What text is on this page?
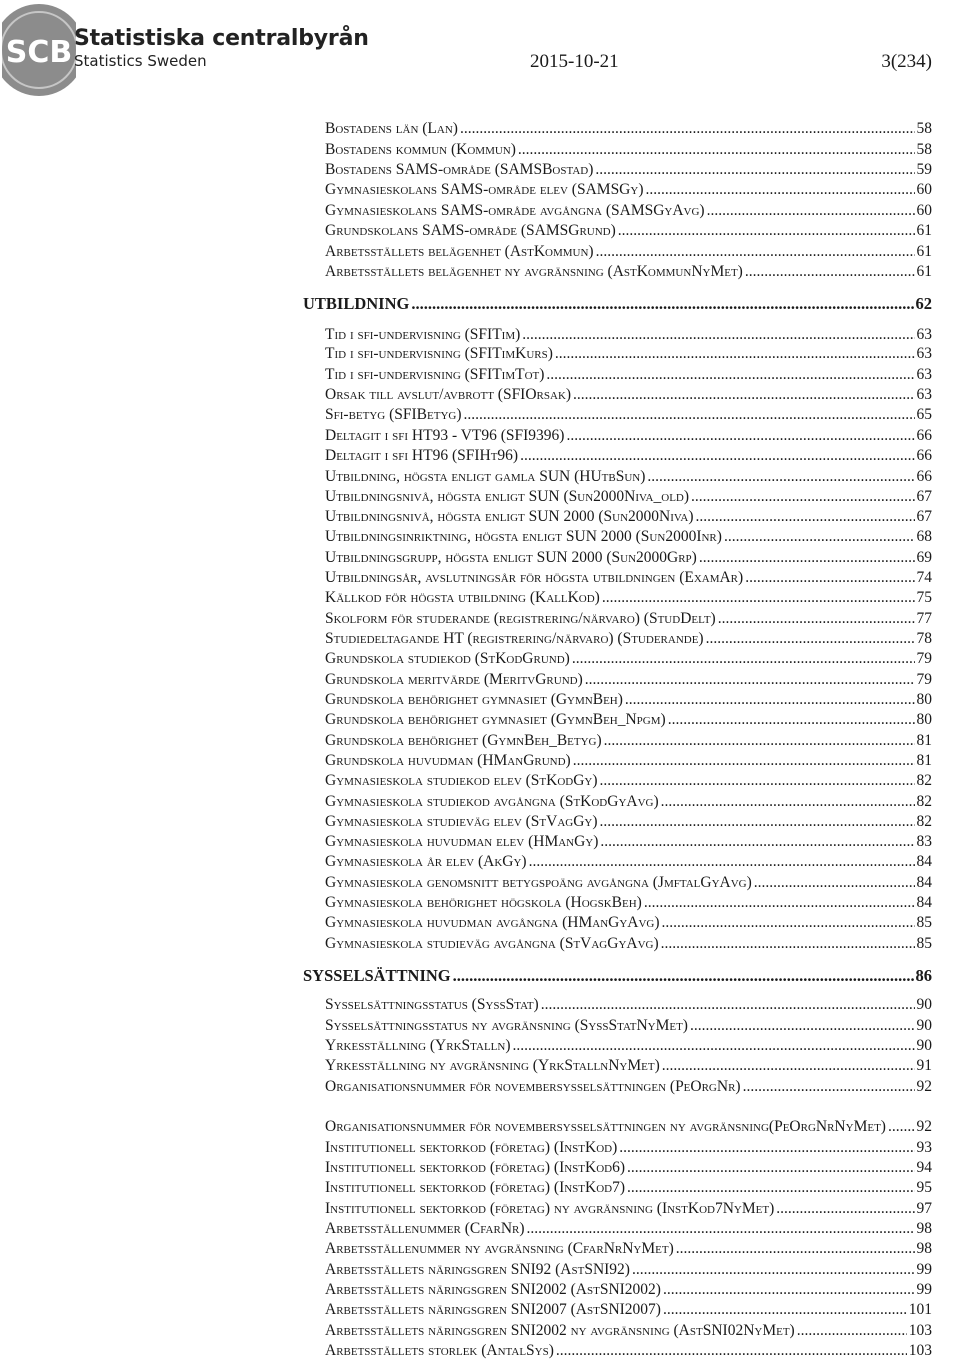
SCB Statistiska centralbyrån
Statistics Sweden	2015-10-21	3(234)
Bostadens län (Lan) .....	58
Bostadens kommun (Kommun) .....	58
Bostadens SAMS-område (SAMSBostad) .....	59
Gymnasieskolans SAMS-område elev (SAMSGy) .....	60
Gymnasieskolans SAMS-område avgångna (SAMSGyAvg) .....	60
Grundskolans SAMS-område (SAMSGrund) .....	61
Arbetsställets belägenhet (AstKommun) .....	61
Arbetsställets belägenhet ny avgränsning (AstKommunNyMet) .....	61
UTBILDNING .....	62
Tid i sfi-undervisning (SFITim) .....	63
Tid i sfi-undervisning (SFITimKurs) .....	63
Tid i sfi-undervisning (SFITimTot) .....	63
Orsak till avslut/avbrott (SFIOrsak) .....	63
Sfi-betyg (SFIBetyg) .....	65
Deltagit i sfi HT93 - VT96 (SFI9396) .....	66
Deltagit i sfi HT96 (SFIHt96) .....	66
Utbildning, högsta enligt gamla SUN (HUtbSun) .....	66
Utbildningsnivå, högsta enligt SUN (Sun2000Niva_old) .....	67
Utbildningsnivå, högsta enligt SUN 2000 (Sun2000Niva) .....	67
Utbildningsinriktning, högsta enligt SUN 2000 (Sun2000Inr) .....	68
Utbildningsgrupp, högsta enligt SUN 2000 (Sun2000Grp) .....	69
Utbildningsår, avslutningsår för högsta utbildningen (ExamAr) .....	74
Källkod för högsta utbildning (KallKod) .....	75
Skolform för studerande (registrering/närvaro) (StudDelt) .....	77
Studiedeltagande HT (registrering/närvaro) (Studerande) .....	78
Grundskola studiekod (StKodGrund) .....	79
Grundskola meritvärde (MeritvGrund) .....	79
Grundskola behörighet gymnasiet (GymnBeh) .....	80
Grundskola behörighet gymnasiet (GymnBeh_Npgm) .....	80
Grundskola behörighet (GymnBeh_Betyg) .....	81
Grundskola huvudman (HManGrund) .....	81
Gymnasieskola studiekod elev (StKodGy) .....	82
Gymnasieskola studiekod avgångna (StKodGyAvg) .....	82
Gymnasieskola studieväg elev (StVagGy) .....	82
Gymnasieskola huvudman elev (HManGy) .....	83
Gymnasieskola år elev (AkGy) .....	84
Gymnasieskola genomsnitt betygspoäng avgångna (JmftalGyAvg) .....	84
Gymnasieskola behörighet högskola (HogskBeh) .....	84
Gymnasieskola huvudman avgångna (HManGyAvg) .....	85
Gymnasieskola studieväg avgångna (StVagGyAvg) .....	85
SYSSELSÄTTNING .....	86
Sysselsättningsstatus (SyssStat) .....	90
Sysselsättningsstatus ny avgränsning (SyssStatNyMet) .....	90
Yrkesställning (YrkStalln) .....	90
Yrkesställning ny avgränsning (YrkStallnNyMet) .....	91
Organisationsnummer för novembersysselsättningen (PeOrgNr) .....	92
Organisationsnummer för novembersysselsättningen ny avgränsning (PeOrgNrNyMet) ..... 92
Institutionell sektorkod (företag) (InstKod) .....	93
Institutionell sektorkod (företag) (InstKod6) .....	94
Institutionell sektorkod (företag) (InstKod7) .....	95
Institutionell sektorkod (företag) ny avgränsning (InstKod7NyMet) .....	97
Arbetsställenummer (CfarNr) .....	98
Arbetsställenummer ny avgränsning (CfarNrNyMet) .....	98
Arbetsställets näringsgren SNI92 (AstSNI92) .....	99
Arbetsställets näringsgren SNI2002 (AstSNI2002) .....	99
Arbetsställets näringsgren SNI2007 (AstSNI2007) .....	101
Arbetsställets näringsgren SNI2002 ny avgränsning (AstSNI02NyMet) .....	103
Arbetsställets storlek (AntalSys) .....	103
